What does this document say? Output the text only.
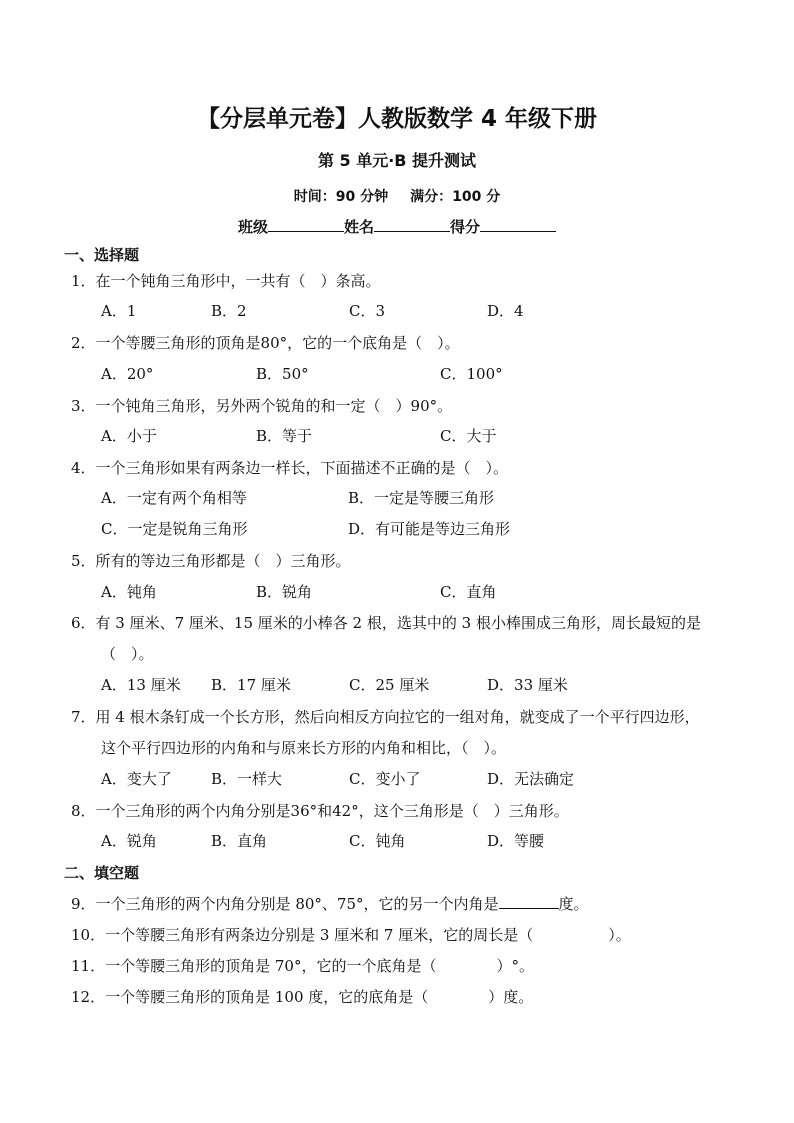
【分层单元卷】人教版数学 4 年级下册
第 5 单元·B 提升测试
时间：90 分钟 满分：100 分
班级	姓名	得分
一、选择题
1．在一个钝角三角形中，一共有（　）条高。
A．1	B．2	C．3	D．4
2．一个等腰三角形的顶角是80°，它的一个底角是（　）。
A．20°	B．50°	C．100°
3．一个钝角三角形，另外两个锐角的和一定（　）90°。
A．小于	B．等于	C．大于
4．一个三角形如果有两条边一样长，下面描述不正确的是（　）。
A．一定有两个角相等	B．一定是等腰三角形
C．一定是锐角三角形	D．有可能是等边三角形
5．所有的等边三角形都是（　）三角形。
A．钝角	B．锐角	C．直角
6．有 3 厘米、7 厘米、15 厘米的小棒各 2 根，选其中的 3 根小棒围成三角形，周长最短的是
（　）。
A．13 厘米 B．17 厘米	C．25 厘米	D．33 厘米
7．用 4 根木条钉成一个长方形，然后向相反方向拉它的一组对角，就变成了一个平行四边形，
这个平行四边形的内角和与原来长方形的内角和相比，（　）。
A．变大了	B．一样大	C．变小了	D．无法确定
8．一个三角形的两个内角分别是36°和42°，这个三角形是（　）三角形。
A．锐角	B．直角	C．钝角	D．等腰
二、填空题
9．一个三角形的两个内角分别是 80°、75°，它的另一个内角是	度。
10．一个等腰三角形有两条边分别是 3 厘米和 7 厘米，它的周长是（　　　　　）。
11．一个等腰三角形的顶角是 70°，它的一个底角是（　　　　）°。
12．一个等腰三角形的顶角是 100 度，它的底角是（　　　　）度。
